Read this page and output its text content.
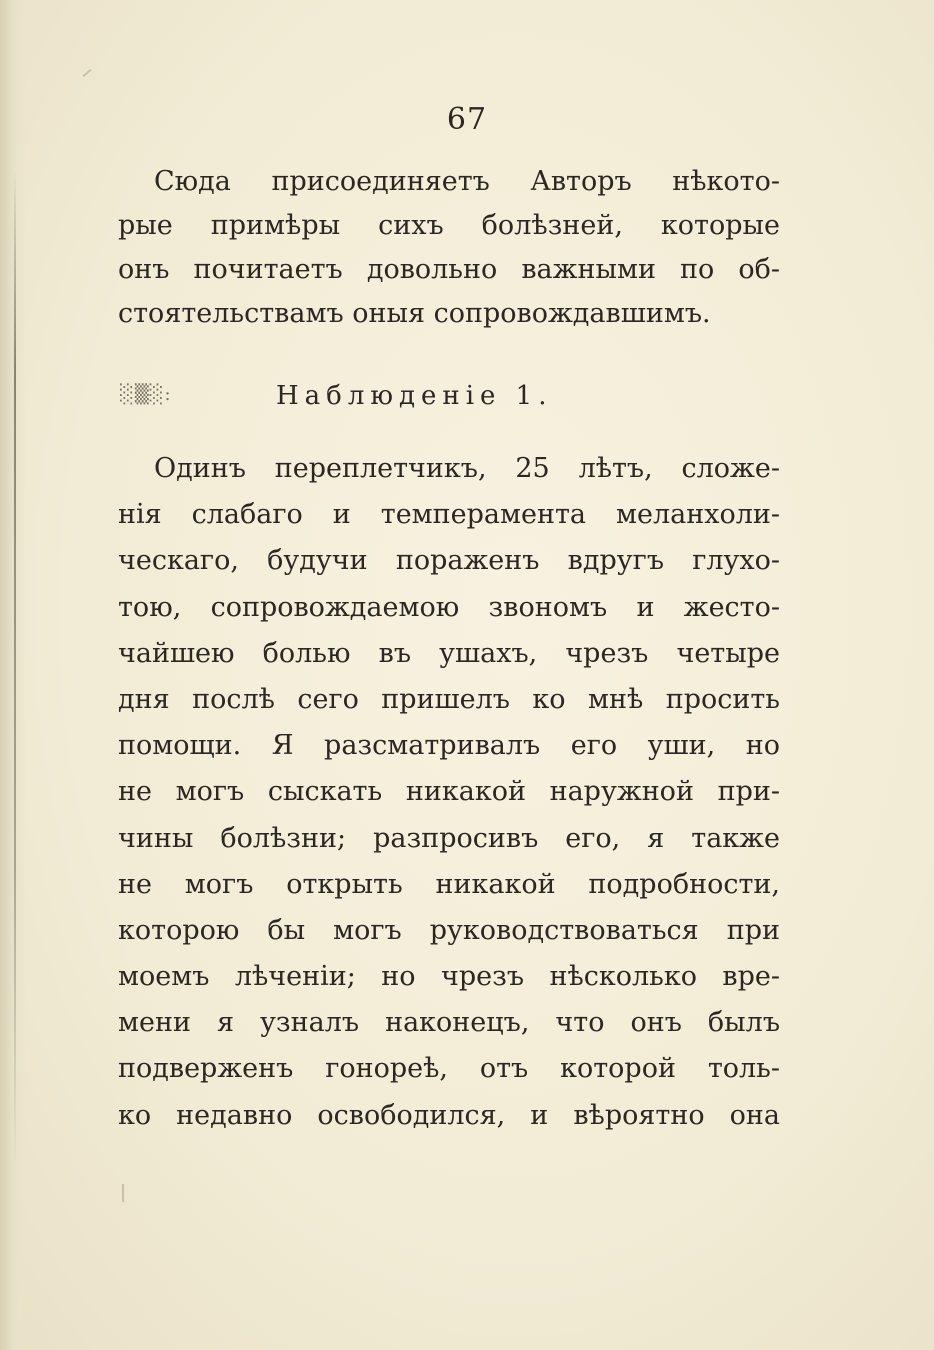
67
Сюда присоединяетъ Авторъ нѣкото-
рые примѣры сихъ болѣзней, которые
онъ почитаетъ довольно важными по об-
стоятельствамъ оныя сопровождавшимъ.
░▒░:	Наблюденіе 1.
Одинъ переплетчикъ, 25 лѣтъ, сложе-
нія слабаго и темперамента меланхоли-
ческаго, будучи пораженъ вдругъ глухо-
тою, сопровождаемою звономъ и жесто-
чайшею болью въ ушахъ, чрезъ четыре
дня послѣ сего пришелъ ко мнѣ просить
помощи. Я разсматривалъ его уши, но
не могъ сыскать никакой наружной при-
чины болѣзни; разпросивъ его, я также
не могъ открыть никакой подробности,
которою бы могъ руководствоваться при
моемъ лѣченіи; но чрезъ нѣсколько вре-
мени я узналъ наконецъ, что онъ былъ
подверженъ гонореѣ, отъ которой толь-
ко недавно освободился, и вѣроятно она
